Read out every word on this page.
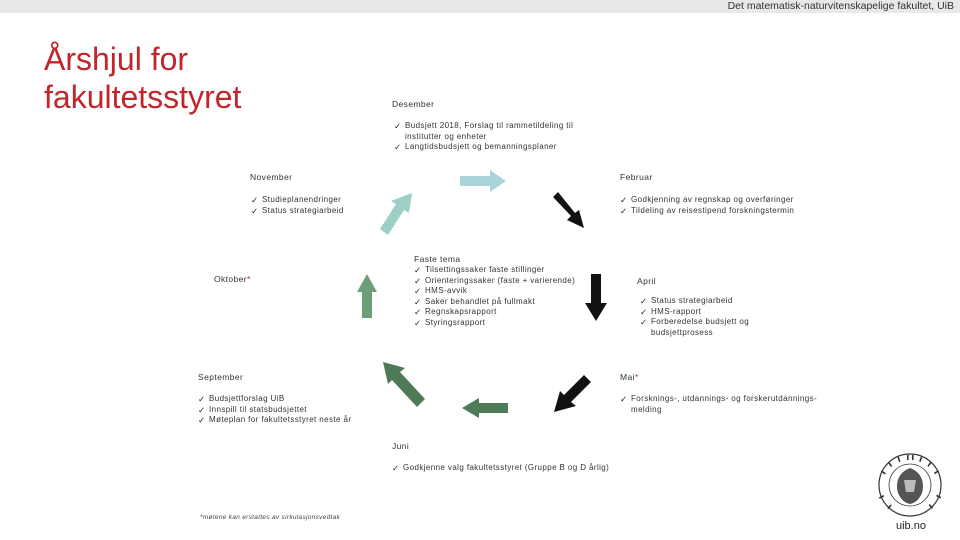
Det matematisk-naturvitenskapelige fakultet, UiB
Årshjul for fakultetsstyret	Desember
✓ Budsjett 2018, Forslag til rammetildeling til institutter og enheter
✓ Langtidsbudsjett og bemanningsplaner
November
✓ Studieplanendringer
✓ Status strategiarbeid
Februar
✓ Godkjenning av regnskap og overføringer
✓ Tildeling av reisestipend forskningstermin
Oktober*
Faste tema
✓ Tilsettingssaker faste stillinger
✓ Orienteringssaker (faste + varierende)
✓ HMS-avvik
✓ Saker behandlet på fullmakt
✓ Regnskapsrapport
✓ Styringsrapport
April
✓ Status strategiarbeid
✓ HMS-rapport
✓ Forberedelse budsjett og budsjettprosess
September
✓ Budsjettforslag UiB
✓ Innspill til statsbudsjettet
✓ Møteplan for fakultetsstyret neste år
Mai*
✓ Forsknings-, utdannings- og forskerutdannings-melding
Juni
✓ Godkjenne valg fakultetsstyret (Gruppe B og D årlig)
*møtene kan erstattes av sirkulasjonsvedtak
uib.no
